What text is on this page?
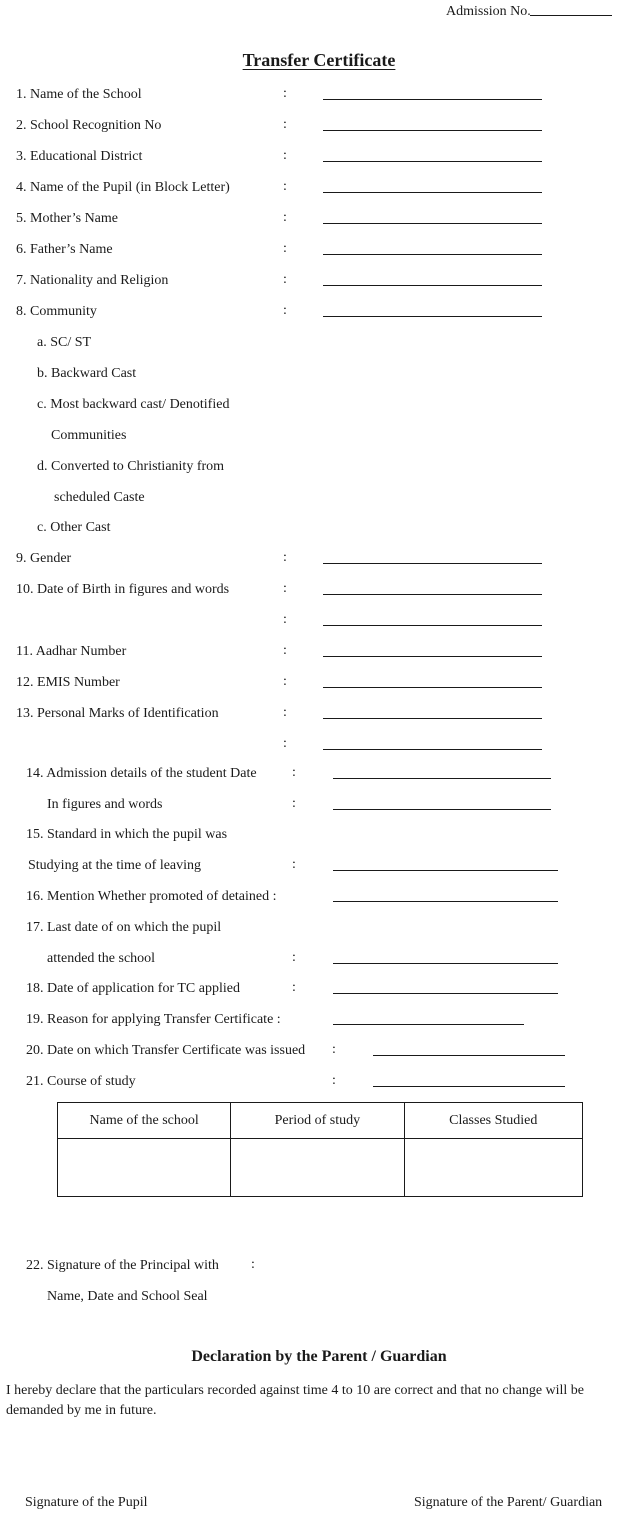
Admission No.
Transfer Certificate
1. Name of the School	:
2. School Recognition No	:
3. Educational District	:
4. Name of the Pupil (in Block Letter)	:
5. Mother’s Name	:
6. Father’s Name	:
7. Nationality and Religion	:
8. Community	:
a. SC/ ST
b. Backward Cast
c. Most backward cast/ Denotified
Communities
d. Converted to Christianity from
scheduled Caste
c. Other Cast
9. Gender	:
10. Date of Birth in figures and words	:
:
11. Aadhar Number	:
12. EMIS Number	:
13. Personal Marks of Identification	:
:
14. Admission details of the student Date	:
In figures and words	:
15. Standard in which the pupil was
Studying at the time of leaving	:
16. Mention Whether promoted of detained :
17. Last date of on which the pupil
attended the school	:
18. Date of application for TC applied	:
19. Reason for applying Transfer Certificate :
20. Date on which Transfer Certificate was issued :
21. Course of study	:
Name of the school	Period of study	Classes Studied

22. Signature of the Principal with :
Name, Date and School Seal
Declaration by the Parent / Guardian
I hereby declare that the particulars recorded against time 4 to 10 are correct and that no change will be demanded by me in future.
Signature of the Pupil	Signature of the Parent/ Guardian
